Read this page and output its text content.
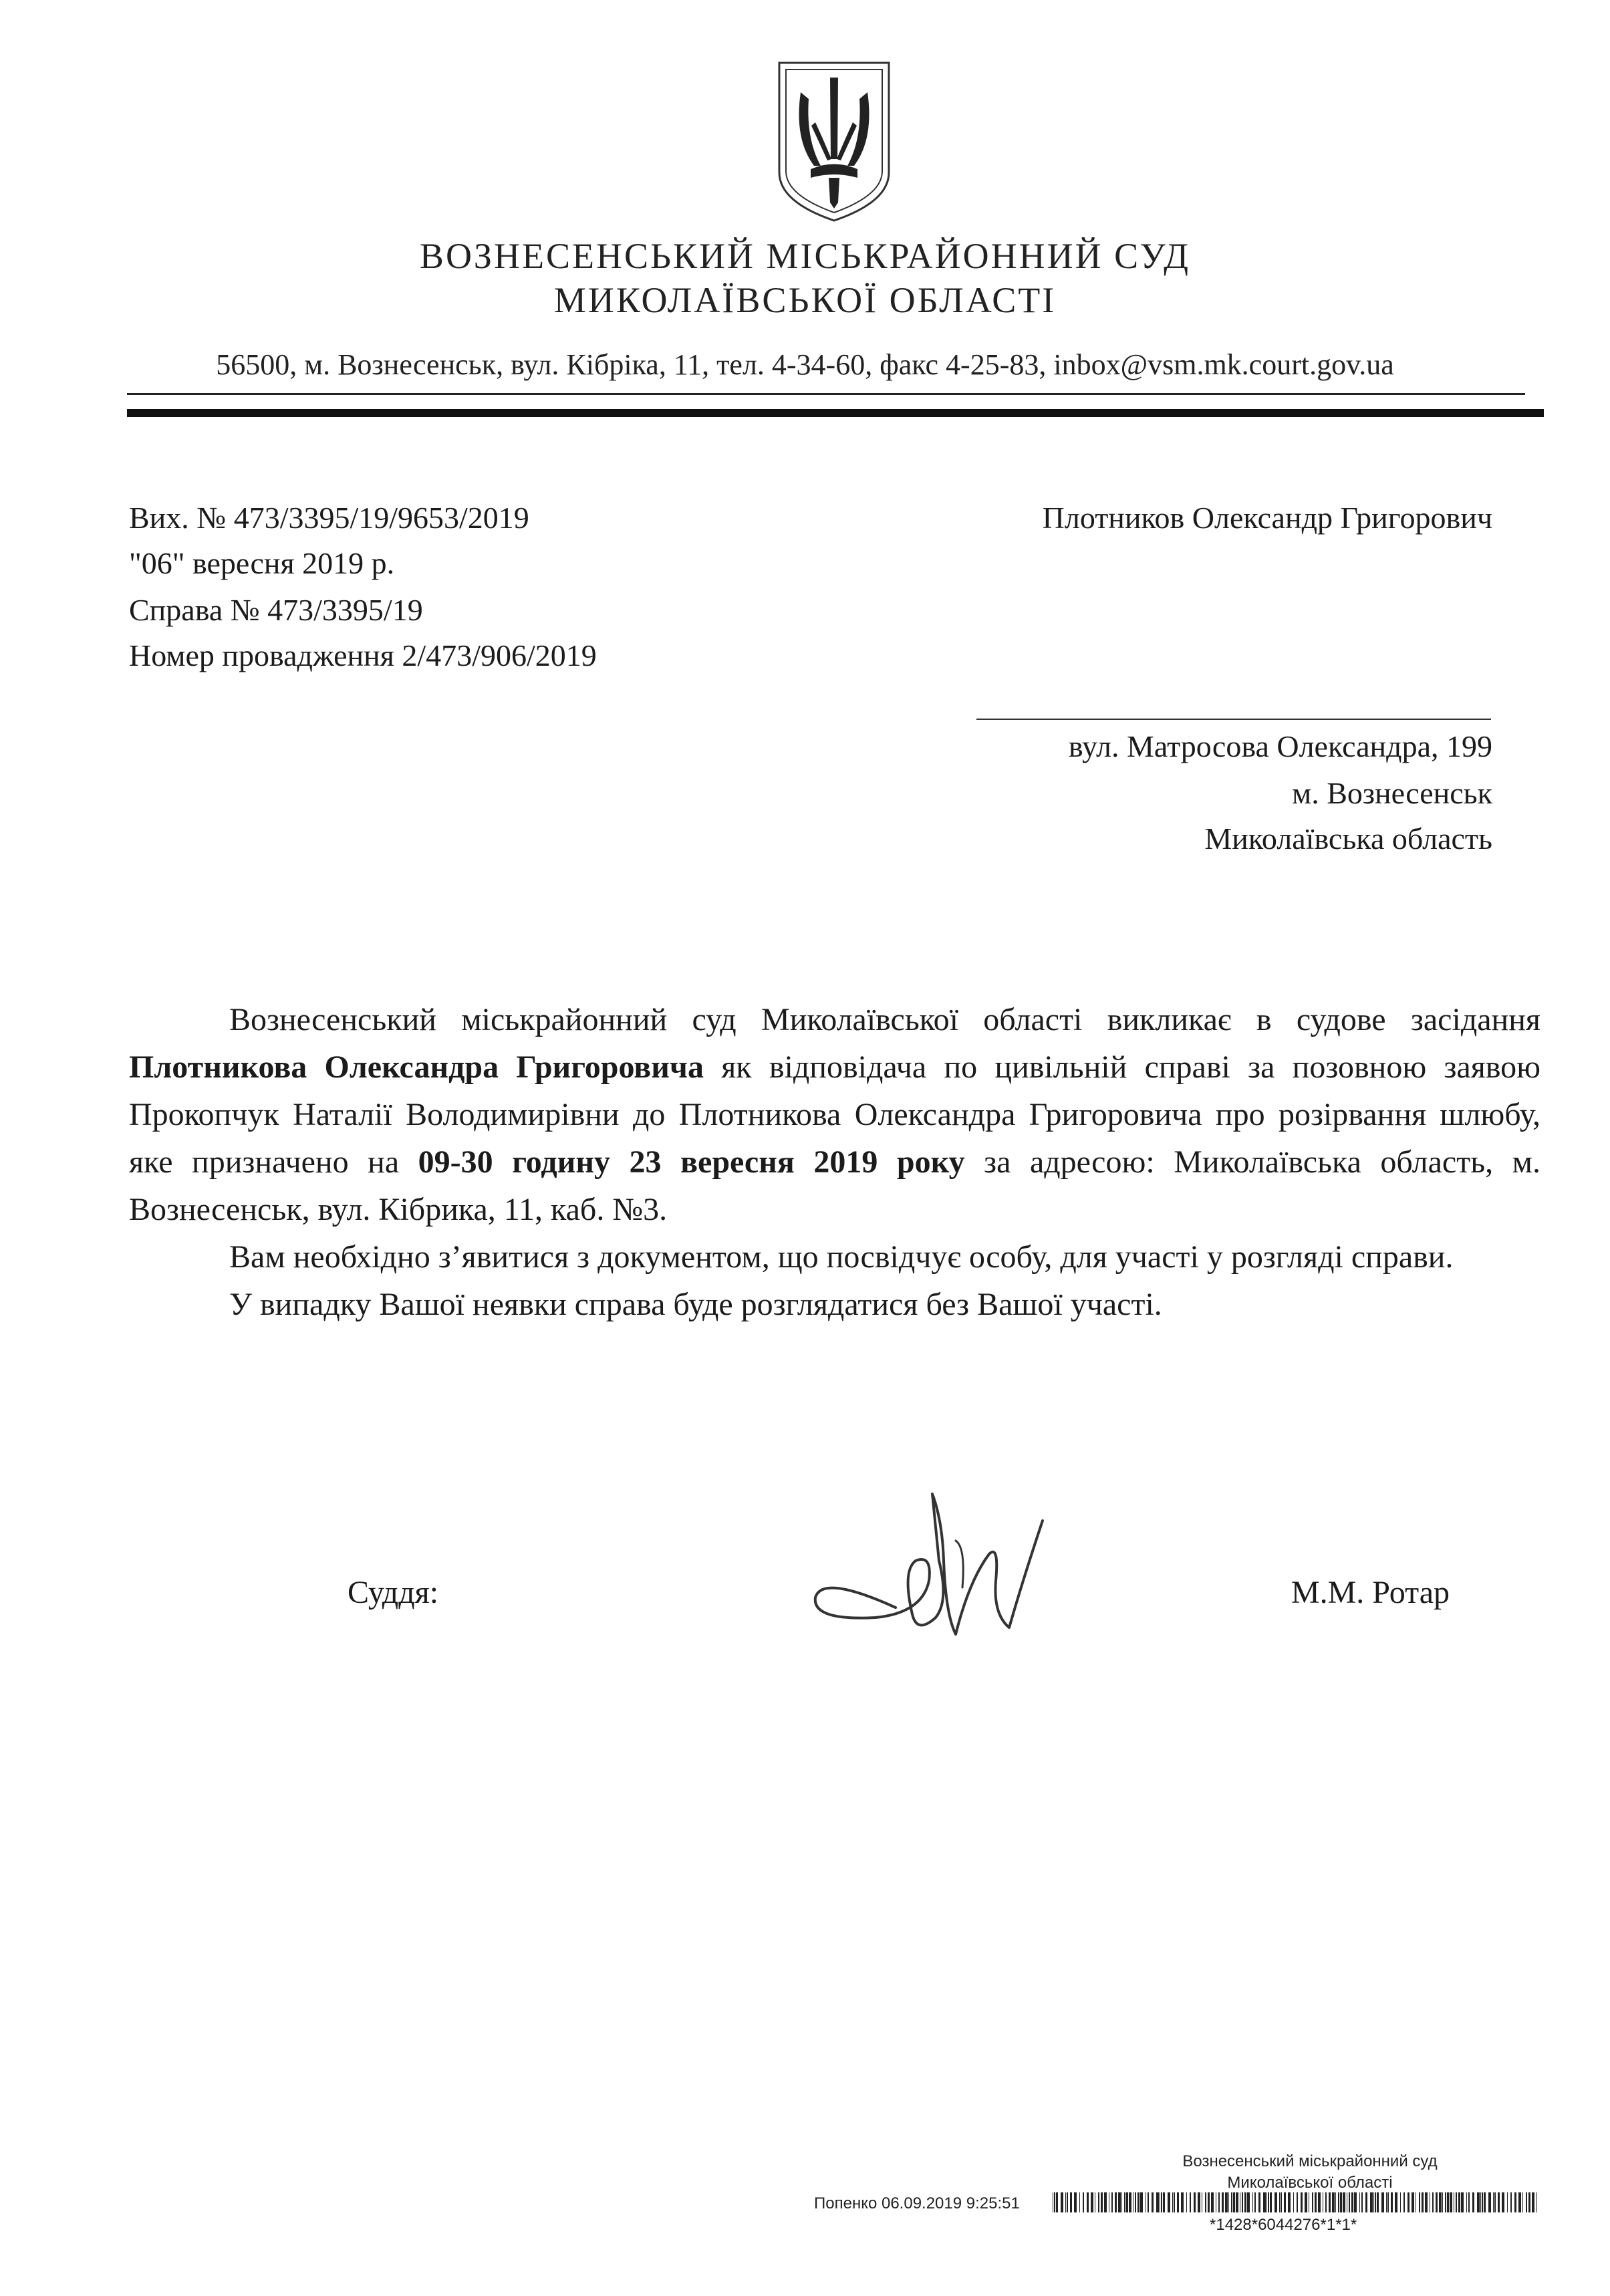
ВОЗНЕСЕНСЬКИЙ МІСЬКРАЙОННИЙ СУД
МИКОЛАЇВСЬКОЇ ОБЛАСТІ
56500, м. Вознесенськ, вул. Кібріка, 11, тел. 4-34-60, факс 4-25-83, inbox@vsm.mk.court.gov.ua
Вих. № 473/3395/19/9653/2019
"06" вересня 2019 р.
Справа № 473/3395/19
Номер провадження 2/473/906/2019
Плотников Олександр Григорович
вул. Матросова Олександра, 199
м. Вознесенськ
Миколаївська область

Вознесенський міськрайонний суд Миколаївської області викликає в судове засідання Плотникова Олександра Григоровича як відповідача по цивільній справі за позовною заявою Прокопчук Наталії Володимирівни до Плотникова Олександра Григоровича про розірвання шлюбу, яке призначено на 09-30 годину 23 вересня 2019 року за адресою: Миколаївська область, м. Вознесенськ, вул. Кібрика, 11, каб. №3.

Вам необхідно з’явитися з документом, що посвідчує особу, для участі у розгляді справи.

У випадку Вашої неявки справа буде розглядатися без Вашої участі.

Суддя:	М.М. Ротар
Вознесенський міськрайонний суд
Миколаївської області
Попенко 06.09.2019 9:25:51
*1428*6044276*1*1*
